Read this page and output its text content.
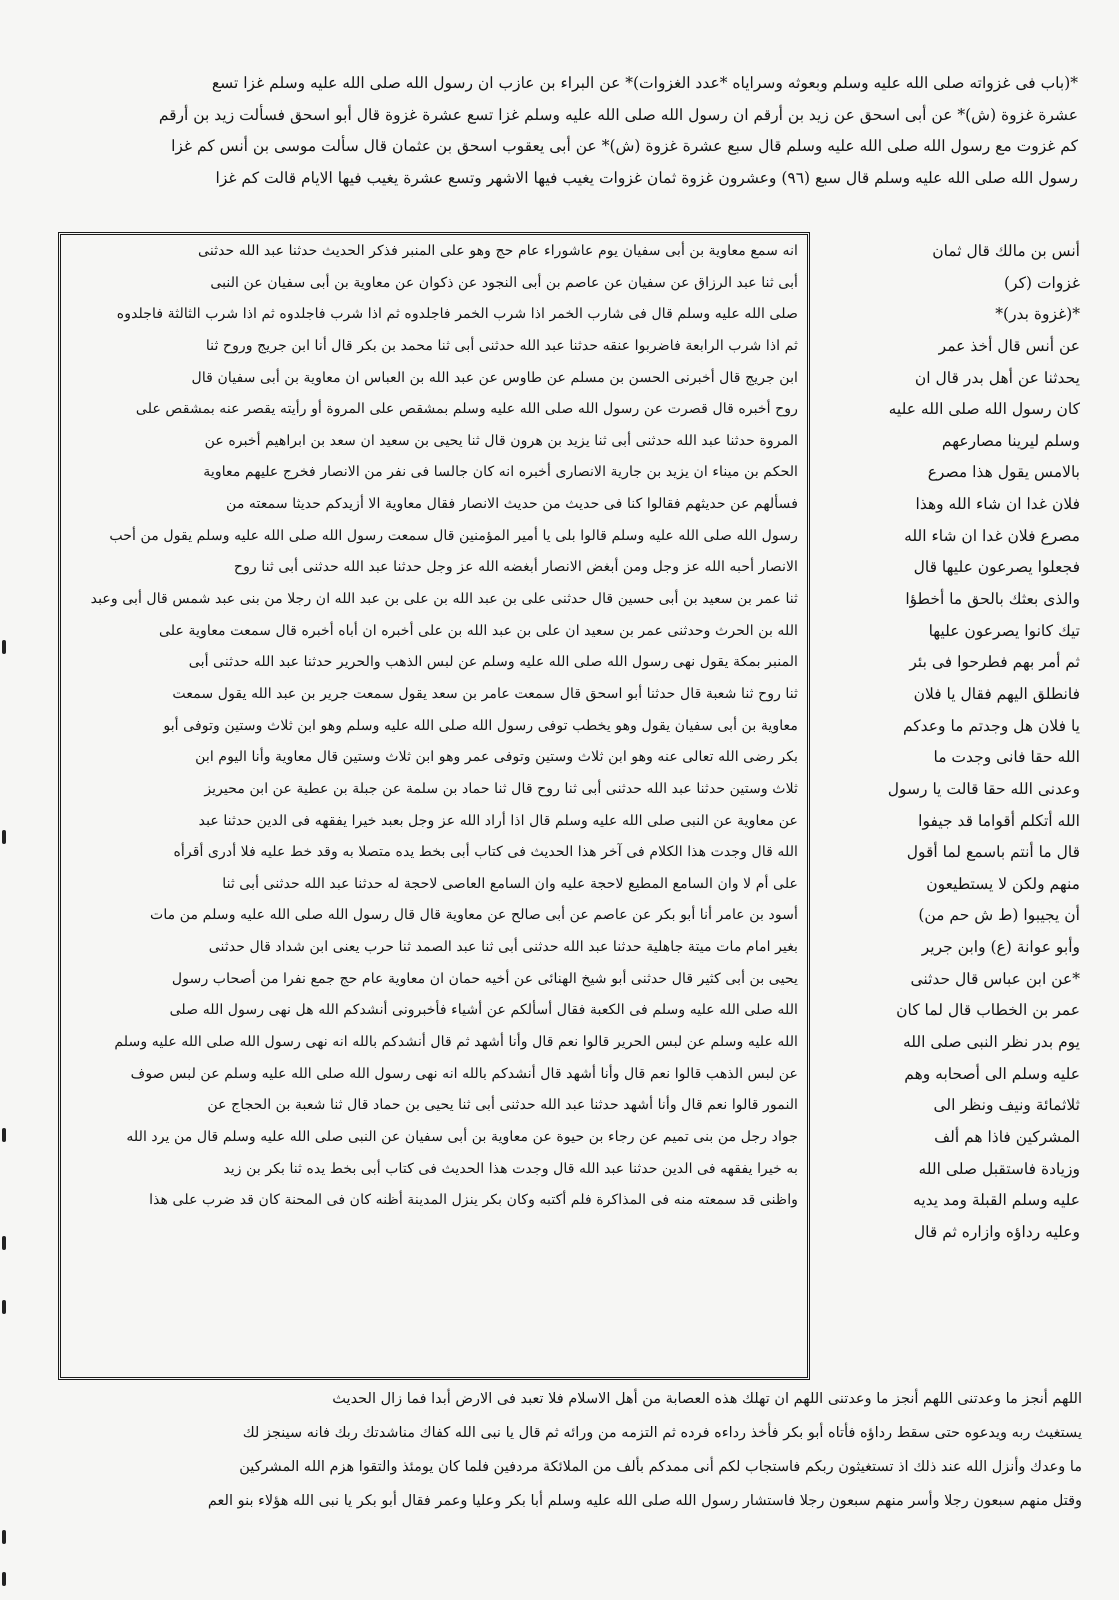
*(باب فى غزواته صلى الله عليه وسلم وبعوثه وسراياه *عدد الغزوات)* عن البراء بن عازب ان رسول الله صلى الله عليه وسلم غزا تسع
عشرة غزوة (ش)* عن أبى اسحق عن زيد بن أرقم ان رسول الله صلى الله عليه وسلم غزا تسع عشرة غزوة قال أبو اسحق فسألت زيد بن أرقم
كم غزوت مع رسول الله صلى الله عليه وسلم قال سبع عشرة غزوة (ش)* عن أبى يعقوب اسحق بن عثمان قال سألت موسى بن أنس كم غزا
رسول الله صلى الله عليه وسلم قال سبع (٩٦) وعشرون غزوة ثمان غزوات يغيب فيها الاشهر وتسع عشرة يغيب فيها الايام قالت كم غزا
انه سمع معاوية بن أبى سفيان يوم عاشوراء عام حج وهو على المنبر فذكر الحديث حدثنا عبد الله حدثنى
أبى ثنا عبد الرزاق عن سفيان عن عاصم بن أبى النجود عن ذكوان عن معاوية بن أبى سفيان عن النبى
صلى الله عليه وسلم قال فى شارب الخمر اذا شرب الخمر فاجلدوه ثم اذا شرب فاجلدوه ثم اذا شرب الثالثة فاجلدوه
ثم اذا شرب الرابعة فاضربوا عنقه حدثنا عبد الله حدثنى أبى ثنا محمد بن بكر قال أنا ابن جريج وروح ثنا
ابن جريج قال أخبرنى الحسن بن مسلم عن طاوس عن عبد الله بن العباس ان معاوية بن أبى سفيان قال
روح أخبره قال قصرت عن رسول الله صلى الله عليه وسلم بمشقص على المروة أو رأيته يقصر عنه بمشقص على
المروة حدثنا عبد الله حدثنى أبى ثنا يزيد بن هرون قال ثنا يحيى بن سعيد ان سعد بن ابراهيم أخبره عن
الحكم بن ميناء ان يزيد بن جارية الانصارى أخبره انه كان جالسا فى نفر من الانصار فخرج عليهم معاوية
فسألهم عن حديثهم فقالوا كنا فى حديث من حديث الانصار فقال معاوية الا أزيدكم حديثا سمعته من
رسول الله صلى الله عليه وسلم قالوا بلى يا أمير المؤمنين قال سمعت رسول الله صلى الله عليه وسلم يقول من أحب
الانصار أحبه الله عز وجل ومن أبغض الانصار أبغضه الله عز وجل حدثنا عبد الله حدثنى أبى ثنا روح
ثنا عمر بن سعيد بن أبى حسين قال حدثنى على بن عبد الله بن على بن عبد الله ان رجلا من بنى عبد شمس قال أبى وعبد
الله بن الحرث وحدثنى عمر بن سعيد ان على بن عبد الله بن على أخبره ان أباه أخبره قال سمعت معاوية على
المنبر بمكة يقول نهى رسول الله صلى الله عليه وسلم عن لبس الذهب والحرير حدثنا عبد الله حدثنى أبى
ثنا روح ثنا شعبة قال حدثنا أبو اسحق قال سمعت عامر بن سعد يقول سمعت جرير بن عبد الله يقول سمعت
معاوية بن أبى سفيان يقول وهو يخطب توفى رسول الله صلى الله عليه وسلم وهو ابن ثلاث وستين وتوفى أبو
بكر رضى الله تعالى عنه وهو ابن ثلاث وستين وتوفى عمر وهو ابن ثلاث وستين قال معاوية وأنا اليوم ابن
ثلاث وستين حدثنا عبد الله حدثنى أبى ثنا روح قال ثنا حماد بن سلمة عن جبلة بن عطية عن ابن محيريز
عن معاوية عن النبى صلى الله عليه وسلم قال اذا أراد الله عز وجل بعبد خيرا يفقهه فى الدين حدثنا عبد
الله قال وجدت هذا الكلام فى آخر هذا الحديث فى كتاب أبى بخط يده متصلا به وقد خط عليه فلا أدرى أقرأه
على أم لا وان السامع المطيع لاحجة عليه وان السامع العاصى لاحجة له حدثنا عبد الله حدثنى أبى ثنا
أسود بن عامر أنا أبو بكر عن عاصم عن أبى صالح عن معاوية قال قال رسول الله صلى الله عليه وسلم من مات
بغير امام مات ميتة جاهلية حدثنا عبد الله حدثنى أبى ثنا عبد الصمد ثنا حرب يعنى ابن شداد قال حدثنى
يحيى بن أبى كثير قال حدثنى أبو شيخ الهنائى عن أخيه حمان ان معاوية عام حج جمع نفرا من أصحاب رسول
الله صلى الله عليه وسلم فى الكعبة فقال أسألكم عن أشياء فأخبرونى أنشدكم الله هل نهى رسول الله صلى
الله عليه وسلم عن لبس الحرير قالوا نعم قال وأنا أشهد ثم قال أنشدكم بالله انه نهى رسول الله صلى الله عليه وسلم
عن لبس الذهب قالوا نعم قال وأنا أشهد قال أنشدكم بالله انه نهى رسول الله صلى الله عليه وسلم عن لبس صوف
النمور قالوا نعم قال وأنا أشهد حدثنا عبد الله حدثنى أبى ثنا يحيى بن حماد قال ثنا شعبة بن الحجاج عن
جواد رجل من بنى تميم عن رجاء بن حيوة عن معاوية بن أبى سفيان عن النبى صلى الله عليه وسلم قال من يرد الله
به خيرا يفقهه فى الدين حدثنا عبد الله قال وجدت هذا الحديث فى كتاب أبى بخط يده ثنا بكر بن زيد
واظنى قد سمعته منه فى المذاكرة فلم أكتبه وكان بكر ينزل المدينة أظنه كان فى المحنة كان قد ضرب على هذا
أنس بن مالك قال ثمان
غزوات (كر)
*(غزوة بدر)*
عن أنس قال أخذ عمر
يحدثنا عن أهل بدر قال ان
كان رسول الله صلى الله عليه
وسلم ليرينا مصارعهم
بالامس يقول هذا مصرع
فلان غدا ان شاء الله وهذا
مصرع فلان غدا ان شاء الله
فجعلوا يصرعون عليها قال
والذى بعثك بالحق ما أخطؤا
تيك كانوا يصرعون عليها
ثم أمر بهم فطرحوا فى بئر
فانطلق اليهم فقال يا فلان
يا فلان هل وجدتم ما وعدكم
الله حقا فانى وجدت ما
وعدنى الله حقا قالت يا رسول
الله أتكلم أقواما قد جيفوا
قال ما أنتم باسمع لما أقول
منهم ولكن لا يستطيعون
أن يجيبوا (ط ش حم من)
وأبو عوانة (ع) وابن جرير
*عن ابن عباس قال حدثنى
عمر بن الخطاب قال لما كان
يوم بدر نظر النبى صلى الله
عليه وسلم الى أصحابه وهم
ثلاثمائة ونيف ونظر الى
المشركين فاذا هم ألف
وزيادة فاستقبل صلى الله
عليه وسلم القبلة ومد يديه
وعليه رداؤه وازاره ثم قال
اللهم أنجز ما وعدتنى اللهم أنجز ما وعدتنى اللهم ان تهلك هذه العصابة من أهل الاسلام فلا تعبد فى الارض أبدا فما زال الحديث
يستغيث ربه ويدعوه حتى سقط رداؤه فأتاه أبو بكر فأخذ رداءه فرده ثم التزمه من ورائه ثم قال يا نبى الله كفاك مناشدتك ربك فانه سينجز لك
ما وعدك وأنزل الله عند ذلك اذ تستغيثون ربكم فاستجاب لكم أنى ممدكم بألف من الملائكة مردفين فلما كان يومئذ والتقوا هزم الله المشركين
وقتل منهم سبعون رجلا وأسر منهم سبعون رجلا فاستشار رسول الله صلى الله عليه وسلم أبا بكر وعليا وعمر فقال أبو بكر يا نبى الله هؤلاء بنو العم
